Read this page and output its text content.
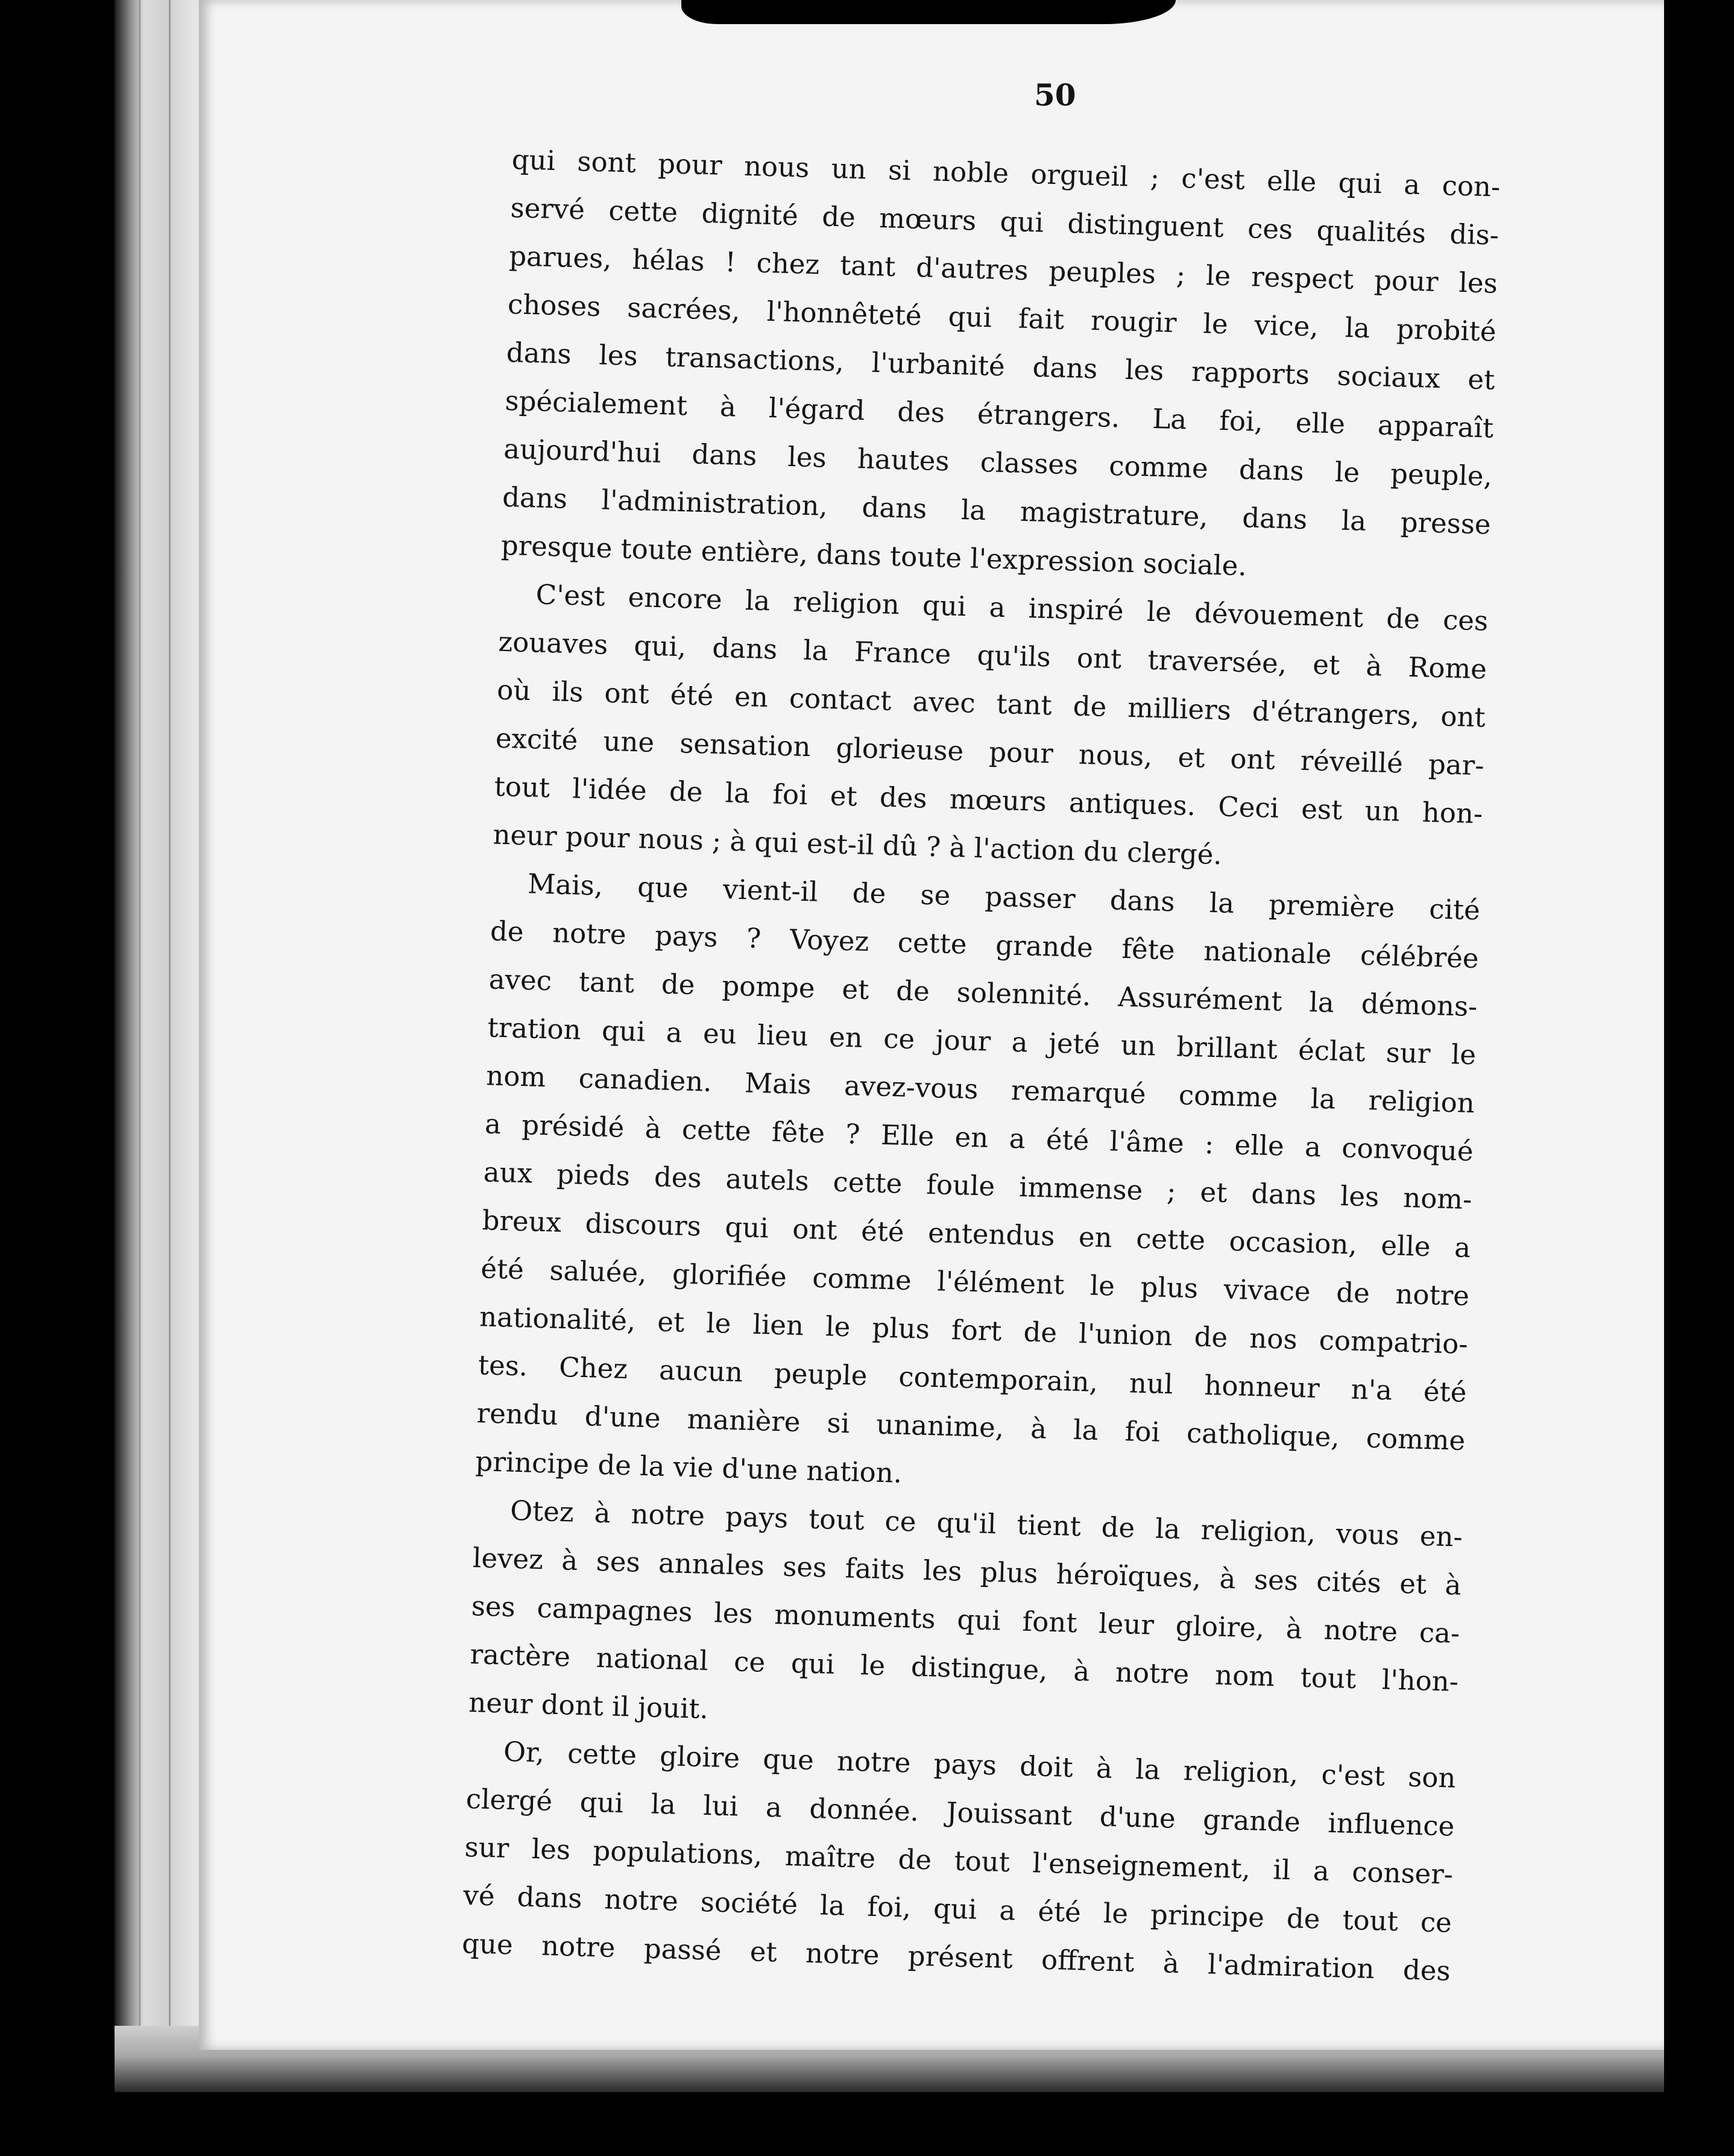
50
qui sont pour nous un si noble orgueil ; c'est elle qui a con-
servé cette dignité de mœurs qui distinguent ces qualités dis-
parues, hélas ! chez tant d'autres peuples ; le respect pour les
choses sacrées, l'honnêteté qui fait rougir le vice, la probité
dans les transactions, l'urbanité dans les rapports sociaux et
spécialement à l'égard des étrangers. La foi, elle apparaît
aujourd'hui dans les hautes classes comme dans le peuple,
dans l'administration, dans la magistrature, dans la presse
presque toute entière, dans toute l'expression sociale.
C'est encore la religion qui a inspiré le dévouement de ces
zouaves qui, dans la France qu'ils ont traversée, et à Rome
où ils ont été en contact avec tant de milliers d'étrangers, ont
excité une sensation glorieuse pour nous, et ont réveillé par-
tout l'idée de la foi et des mœurs antiques. Ceci est un hon-
neur pour nous ; à qui est-il dû ? à l'action du clergé.
Mais, que vient-il de se passer dans la première cité
de notre pays ? Voyez cette grande fête nationale célébrée
avec tant de pompe et de solennité. Assurément la démons-
tration qui a eu lieu en ce jour a jeté un brillant éclat sur le
nom canadien. Mais avez-vous remarqué comme la religion
a présidé à cette fête ? Elle en a été l'âme : elle a convoqué
aux pieds des autels cette foule immense ; et dans les nom-
breux discours qui ont été entendus en cette occasion, elle a
été saluée, glorifiée comme l'élément le plus vivace de notre
nationalité, et le lien le plus fort de l'union de nos compatrio-
tes. Chez aucun peuple contemporain, nul honneur n'a été
rendu d'une manière si unanime, à la foi catholique, comme
principe de la vie d'une nation.
Otez à notre pays tout ce qu'il tient de la religion, vous en-
levez à ses annales ses faits les plus héroïques, à ses cités et à
ses campagnes les monuments qui font leur gloire, à notre ca-
ractère national ce qui le distingue, à notre nom tout l'hon-
neur dont il jouit.
Or, cette gloire que notre pays doit à la religion, c'est son
clergé qui la lui a donnée. Jouissant d'une grande influence
sur les populations, maître de tout l'enseignement, il a conser-
vé dans notre société la foi, qui a été le principe de tout ce
que notre passé et notre présent offrent à l'admiration des
